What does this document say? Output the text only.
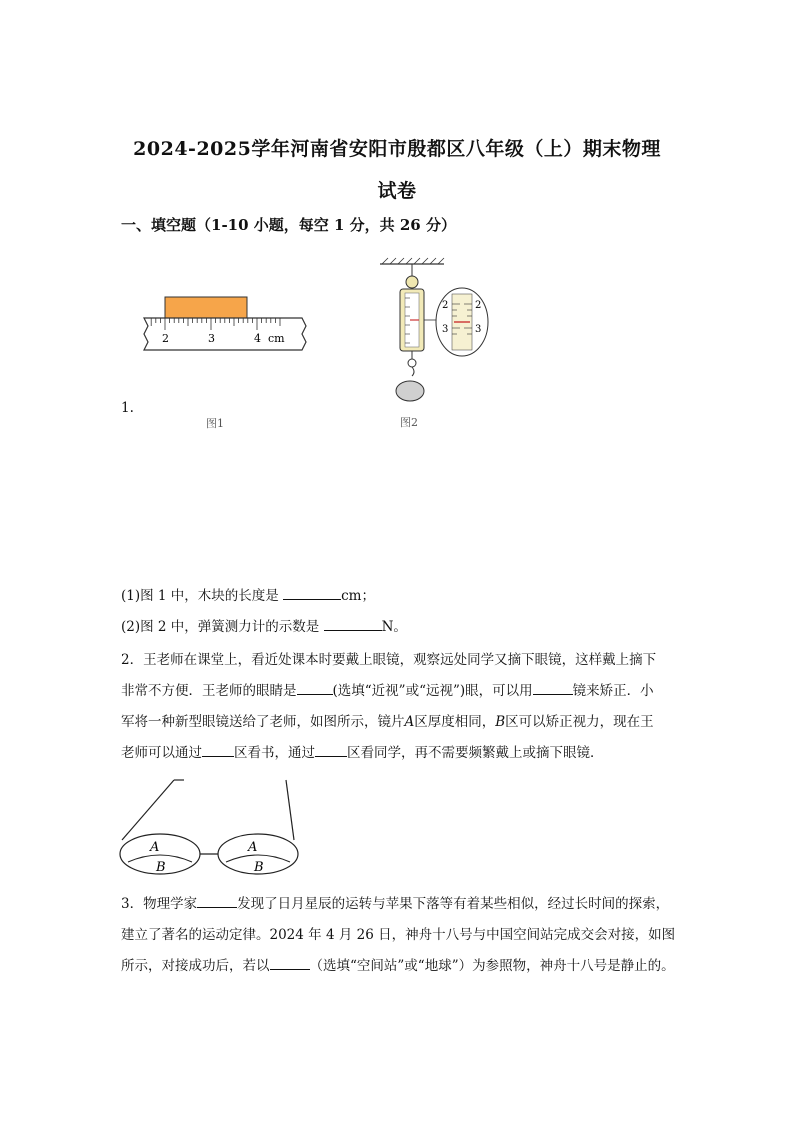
2024-2025学年河南省安阳市殷都区八年级（上）期末物理
试卷
一、填空题（1-10 小题，每空 1 分，共 26 分）
1.
2	3	4 cm
图1
2
3
2
3
图2
(1)图 1 中，木块的长度是	cm；
(2)图 2 中，弹簧测力计的示数是	N。
2．王老师在课堂上，看近处课本时要戴上眼镜，观察远处同学又摘下眼镜，这样戴上摘下
非常不方便．王老师的眼睛是	(选填“近视”或“远视”)眼，可以用	镜来矫正．小
军将一种新型眼镜送给了老师，如图所示，镜片A区厚度相同，B区可以矫正视力，现在王
老师可以通过 区看书，通过 区看同学，再不需要频繁戴上或摘下眼镜．
A
B
A
B
3．物理学家	发现了日月星辰的运转与苹果下落等有着某些相似，经过长时间的探索，
建立了著名的运动定律。2024 年 4 月 26 日，神舟十八号与中国空间站完成交会对接，如图
所示，对接成功后，若以	（选填“空间站”或“地球”）为参照物，神舟十八号是静止的。
